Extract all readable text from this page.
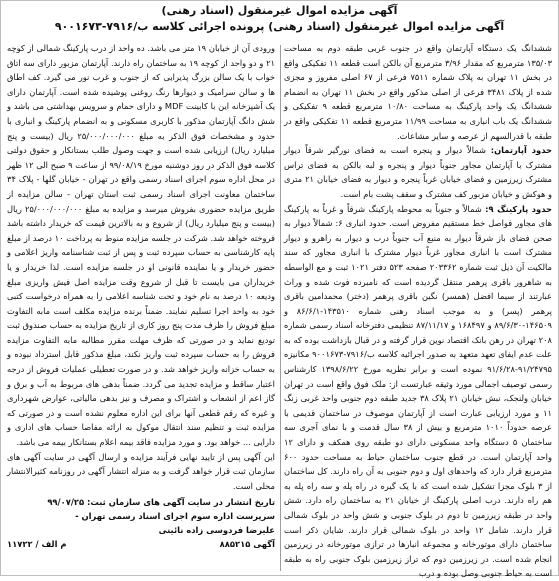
آگهی مزایده اموال غیرمنقول (اسناد رهنی)
آگهی مزایده اموال غیرمنقول (اسناد رهنی) پرونده اجرائی کلاسه ب/۷۹۱۶-۹۰۰۱۶۷۳

ششدانگ یک دستگاه آپارتمان واقع در جنوب غربی طبقه دوم به مساحت ۱۳۵/۰۳ مترمربع که مقدار ۳/۹۶ مترمربع آن بالکن است قطعه ۱۱ تفکیکی واقع در بخش ۱۱ تهران به پلاک شماره ۷۵۱۱ فرعی از ۶۷ اصلی مفروز و مجزی شده از پلاک ۳۴۸۱ فرعی از اصلی مذکور واقع در بخش ۱۱ تهران به انضمام ششدانگ یک واحد پارکینگ به مساحت ۱۰/۸۰ مترمربع قطعه ۹ تفکیکی و ششدانگ یک باب انباری به مساحت ۱۱/۹۹ مترمربع قطعه ۱۱ تفکیکی واقع در طبقه با قدرالسهم از عرصه و سایر مشاعات.

حدود آپارتمان: شمالاً دیوار و پنجره است به فضای نورگیر شرقاً دیوار مشترک با آپارتمان مجاور جنوباً دیوار و پنجره و لبه بالکن به فضای تراس مشترک زیرزمین و فضای خیابان غرباً پنجره و دیوار به فضای خیابان ۲۱ متری و هوکش و خیابان مزبور کف مشترک و سقف پشت بام است.

حدود پارکینگ ۹: شمالاً و جنوباً به محوطه پارکینگ شرقاً و غرباً به پارکینگ های مجاور فواصل خط مستقیم مفروض است. حدود انباری ۶: شمالاً دیوار به صحن فضای باز شرقاً دیوار به منبع آب جنوباً درب و دیوار به راهرو و دیوار مشترک است با انباری مجاور غرباً دیوار مشترک با انباری مجاور که سند مالکیت آن ذیل ثبت شماره ۲۰۳۳۶۲ صفحه ۵۲۳ دفتر ۱۰۲۱ ثبت و مع الواسطه به شاهرور باقری پرهمر منتقل گردیده است که نامبرده فوت شده و وراث عبارتند از سیما افضل (همسر) نگین باقری پرهمر (دختر) محمدامین باقری پرهمر (پسر) و به موجب اسناد رهنی شماره ۱۴۳۵۱۰-۸۶/۶/۱ و ۱۴۶۵۰۹-۸۹/۶/۳۰ و ۱۶۸۴۹۷ و ۸۷/۱۱/۱۷ تنظیمی دفترخانه اسناد رسمی شماره ۲۰۸ تهران در رهن بانک اقتصاد نوین قرار گرفته و در قبال بازداشت بوده که به علت عدم ایفای تعهد متعهد به صدور اجرائیه کلاسه ب/۷۹۱۶-۹۰۰۱۶۷۳ مکانیزه ۹۱/۲۴۷۹۵-۹۱/۶/۲۸ نموده است و برابر نظریه مورخ ۱۳۹۸/۶/۲۲ کارشناس رسمی توصیف اجمالی مورد وثیقه عبارتست از: ملک فوق واقع است در تهران خیابان ولنجک، نبش خیابان ۲۱ پلاک ۳۸ جدید طبقه دوم جنوبی واحد غربی زنگ ۱۱ و مورد ارزیابی عبارت است از آپارتمان موصوف در ساختمان قدیمی با عرصه حدوداً ۱۰۱۰ مترمربع و بیش از ۳۸ سال قدمت و با نمای آجری سه ساختمان ۵ دستگاه واحد مسکونی دارای دو طبقه روی همکف و دارای ۱۲ واحد آپارتمان است. در قطع جنوب ساختمان حیاط به مساحت حدود ۶۰۰ مترمربع قرار دارد که واحدهای اول و دوم جنوبی به آن راه دارند. کل ساختمان از ۳ بلوک مجزا تشکیل شده است که با یک گیره در راه پله و سه راه پله به هم راه دارند. درب اصلی پارکینگ از خیابان ۲۱ به ساختمان راه دارد. شش واحد در طبقه زیرزمین تا دوم در بلوک جنوبی و شش واحد در بلوک شمالی قرار دارند. شامل ۱۲ واحد در بلوک شمالی قرار دارند. شایان ذکر است ساختمان دارای موتورخانه و مجموعه انبارها در ترازی موتورخانه در زیرزمین انجام شده است. در زیرزمین دوم که تراز زیرزمین بلوک جنوبی راه به طبقه است به حیاط جنوبی وصل بوده و درب

ورودی آن از خیابان ۱۹ متر می باشد. ده واحد از درب پارکینگ شمالی از کوچه ۲۱ و دو واحد از کوچه ۱۹ به ساختمان راه دارند. آپارتمان مزبور دارای سه اتاق خواب با یک سالن بزرگ پذیرایی که از جنوب و غرب نور می گیرد. کف اطاق ها و سالن سرامیک و دیوارها رنگ روغنی پوشیده شده است. آپارتمان دارای یک آشپزخانه این با کابینت MDF و دارای حمام و سرویس بهداشتی می باشد و شش دانگ آپارتمان مذکور با کاربری مسکونی و به انضمام پارکینگ و انباری با حدود و مشخصات فوق الذکر به مبلغ ۲۵/۰۰۰/۰۰۰/۰۰۰ ریال (بیست و پنج میلیارد ریال) ارزیابی شده است و جهت وصول طلب بستانکار و حقوق دولتی کلاسه فوق الذکر در روز دوشنبه مورخ ۹۹/۰۸/۱۹ از ساعت ۹ صبح الی ۱۲ ظهر در محل اداره سوم اجرای اسناد رسمی واقع در تهران - خیابان گلها - پلاک ۳۴ ساختمان معاونت اجرای اسناد رسمی ثبت استان تهران - سالن مزایده از طریق مزایده حضوری بفروش میرسد و مزایده به مبلغ ۲۵/۰۰۰/۰۰۰/۰۰۰ ریال (بیست و پنج میلیارد ریال) از شروع و به بالاترین قیمت که خریدار داشته باشد فروخته خواهد شد. شرکت در جلسه مزایده منوط به پرداخت ۱۰ درصد از مبلغ پایه کارشناسی به حساب سپرده ثبت و پس از ثبت شناسنامه واریز اعلامی و حضور خریدار و یا نماینده قانونی او در جلسه مزایده است. لذا خریدار و یا خریداران می بایست تا قبل از شروع وقت مزایده اصل فیش واریزی مبلغ ودیعه ۱۰ درصد به نام خود و تحت شناسه اعلامی را به همراه درخواست کتبی خود به واحد اجرا تسلیم نمایند. ضمناً برنده مزایده مکلف است مابه التفاوت مبلغ فروش را ظرف مدت پنج روز کاری از تاریخ مزایده به حساب صندوق ثبت تودیع نماید و در صورتی که ظرف مهلت مقرر مطالبه مابه التفاوت مزایده فروش را به حساب سپرده ثبت واریز نکند، مبلغ مذکور قابل استرداد نبوده و به حساب خزانه واریز خواهد شد. و در صورت تعطیلی عملیات فروش از درجه اعتبار ساقط و مزایده تجدید می گردد. ضمناً بدهی های مربوط به آب و برق و گاز اعم از انشعاب و اشتراک و مصرف و نیز بدهی مالیاتی، عوارض شهرداری و غیره که رقم قطعی آنها برای این اداره معلوم نشده است و در صورتی که مزایده ثبت و تنظیم سند انتقال موکول به ارائه مفاصا حساب های اداری و دارایی ... خواهد بود. و مورد مزایده فاقد بیمه اعلام بستانکار بیمه می باشد.

این آگهی پس از تایید نهایی فرآیند مزایده و ارسال آگهی در سایت آگهی های سازمان ثبت قرار خواهد گرفت و به منزله انتشار آگهی در روزنامه کثیرالانتشار محلی است.

تاریخ انتشار در سایت آگهی های سازمان ثبت: ۹۹/۰۷/۲۵
سرپرست اداره سوم اجرای اسناد رسمی تهران -
علیرضا فردوسی زاده نائینی
آگهی ۸۸۵۲۱۵
م الف / ۱۱۷۲۲
